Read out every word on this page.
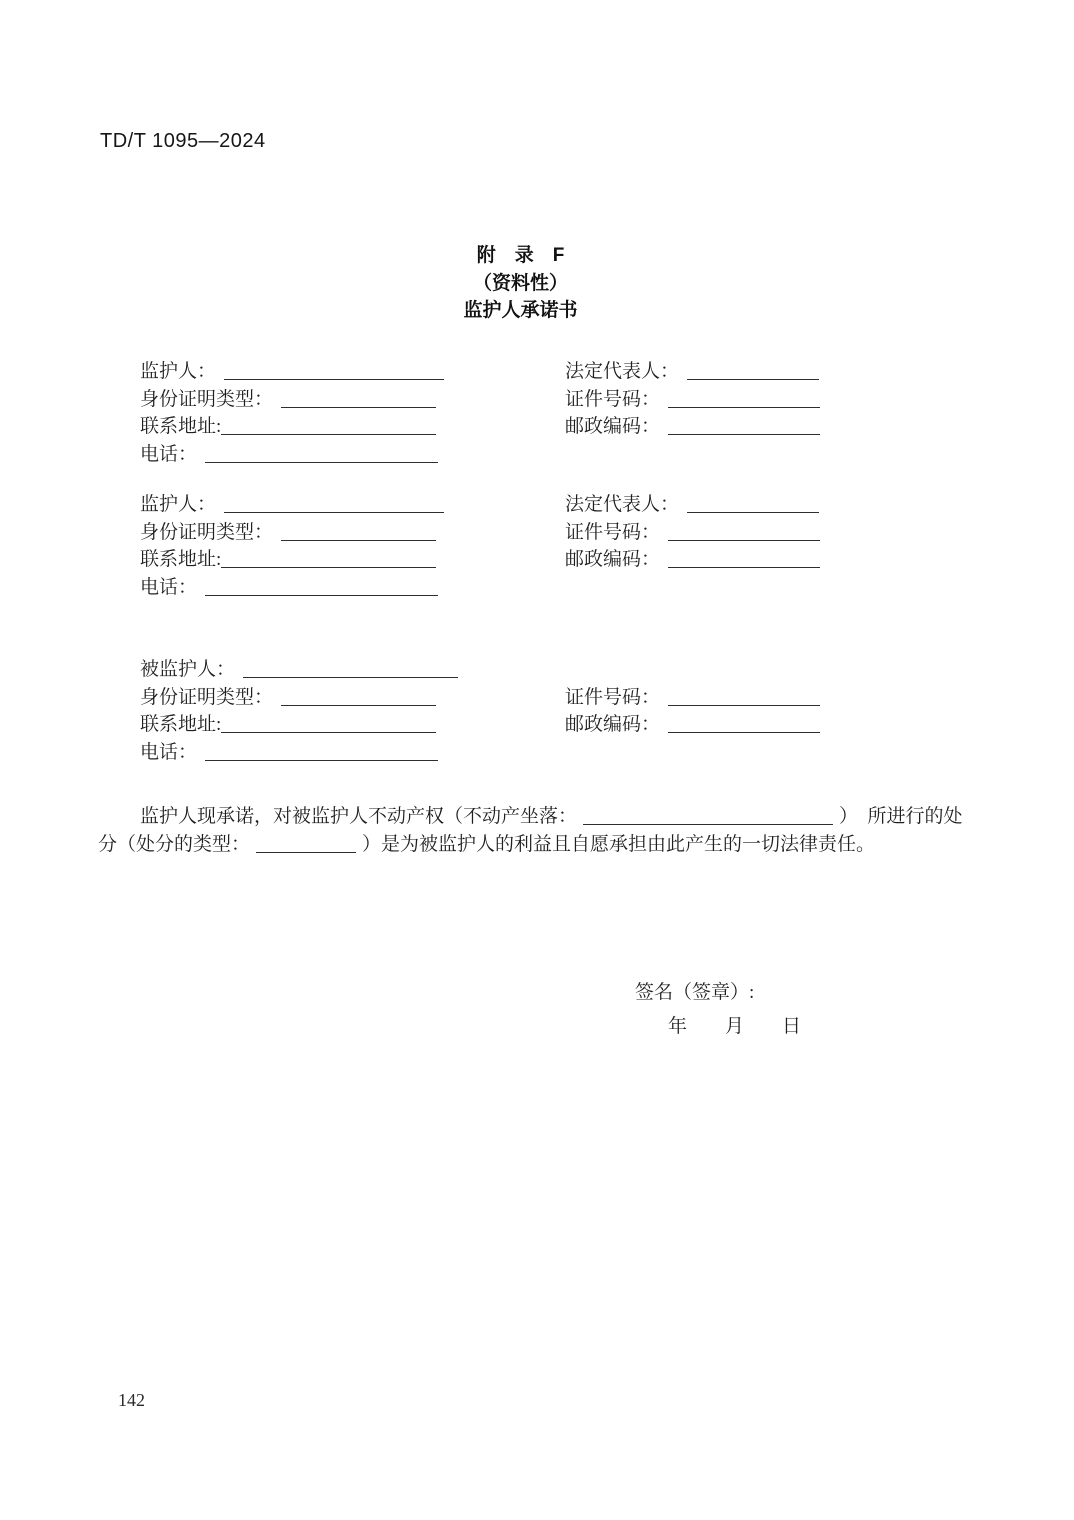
TD/T 1095—2024
附　录　F
（资料性）
监护人承诺书
监护人：	法定代表人：
身份证明类型：	证件号码：
联系地址:	邮政编码：
电话：
监护人：	法定代表人：
身份证明类型：	证件号码：
联系地址:	邮政编码：
电话：
被监护人：
身份证明类型：	证件号码：
联系地址:	邮政编码：
电话：
监护人现承诺，对被监护人不动产权（不动产坐落：	）　所进行的处
分（处分的类型：	）是为被监护人的利益且自愿承担由此产生的一切法律责任。
签名（签章）:
年　　月　　日
142
